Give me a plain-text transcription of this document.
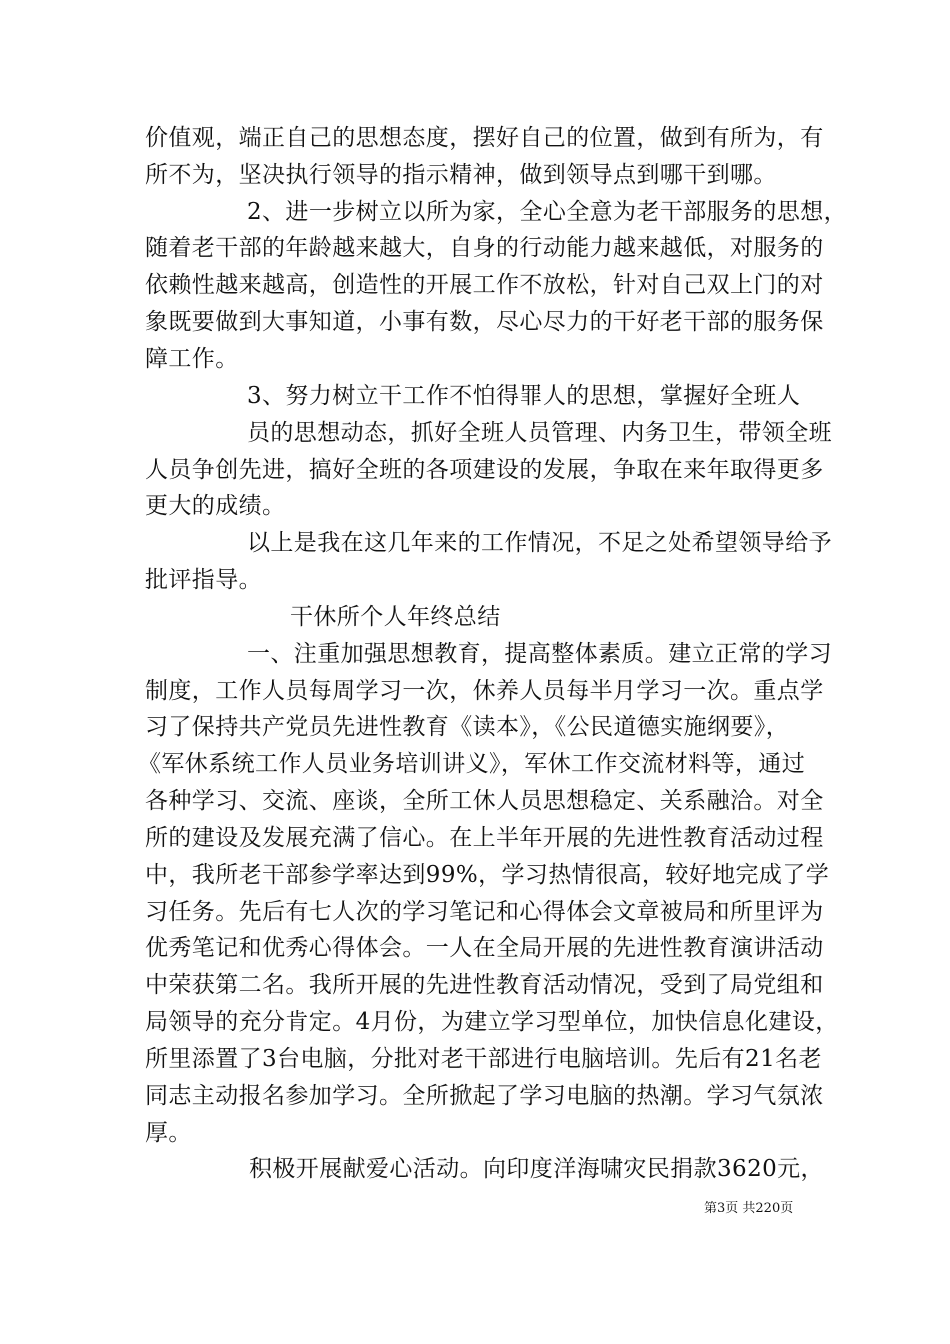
价值观，端正自己的思想态度，摆好自己的位置，做到有所为，有
所不为，坚决执行领导的指示精神，做到领导点到哪干到哪。
2、进一步树立以所为家，全心全意为老干部服务的思想，
随着老干部的年龄越来越大，自身的行动能力越来越低，对服务的
依赖性越来越高，创造性的开展工作不放松，针对自己双上门的对
象既要做到大事知道，小事有数，尽心尽力的干好老干部的服务保
障工作。
3、努力树立干工作不怕得罪人的思想，掌握好全班人
员的思想动态，抓好全班人员管理、内务卫生，带领全班
人员争创先进，搞好全班的各项建设的发展，争取在来年取得更多
更大的成绩。
以上是我在这几年来的工作情况，不足之处希望领导给予
批评指导。
干休所个人年终总结
一、注重加强思想教育，提高整体素质。建立正常的学习
制度，工作人员每周学习一次，休养人员每半月学习一次。重点学
习了保持共产党员先进性教育《读本》，《公民道德实施纲要》，
《军休系统工作人员业务培训讲义》，军休工作交流材料等，通过
各种学习、交流、座谈，全所工休人员思想稳定、关系融洽。对全
所的建设及发展充满了信心。在上半年开展的先进性教育活动过程
中，我所老干部参学率达到99%，学习热情很高，较好地完成了学
习任务。先后有七人次的学习笔记和心得体会文章被局和所里评为
优秀笔记和优秀心得体会。一人在全局开展的先进性教育演讲活动
中荣获第二名。我所开展的先进性教育活动情况，受到了局党组和
局领导的充分肯定。4月份，为建立学习型单位，加快信息化建设，
所里添置了3台电脑，分批对老干部进行电脑培训。先后有21名老
同志主动报名参加学习。全所掀起了学习电脑的热潮。学习气氛浓
厚。
积极开展献爱心活动。向印度洋海啸灾民捐款3620元，
第3页 共220页
